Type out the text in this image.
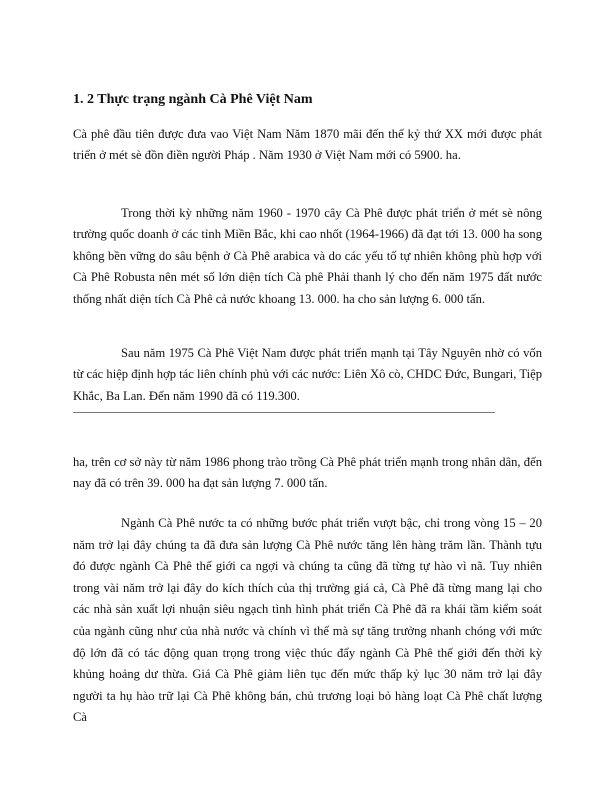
1. 2 Thực trạng ngành Cà Phê Việt Nam

Cà phê đầu tiên được đưa vao Việt Nam Năm 1870 mãi đến thế kỷ thứ XX mới được phát triển ở mét sè đồn điền người Pháp . Năm 1930 ở Việt Nam mới có 5900. ha.

Trong thời kỳ những năm 1960 - 1970 cây Cà Phê được phát triển ở mét sè nông trường quốc doanh ở các tỉnh Miền Bắc, khi cao nhốt (1964-1966) đã đạt tới 13. 000 ha song không bền vững do sâu bệnh ở Cà Phê arabica và do các yếu tố tự nhiên không phù hợp với Cà Phê Robusta nên mét số lớn diện tích Cà phê Phải thanh lý cho đến năm 1975 đất nước thống nhất diện tích Cà Phê cả nước khoang 13. 000. ha cho sản lượng 6. 000 tấn.

Sau năm 1975 Cà Phê Việt Nam được phát triển mạnh tại Tây Nguyên nhờ có vốn từ các hiệp định hợp tác liên chính phủ với các nước: Liên Xô cò, CHDC Đức, Bungari, Tiệp Khắc, Ba Lan. Đến năm 1990 đã có 119.300.

ha, trên cơ sở này từ năm 1986 phong trào trồng Cà Phê phát triển mạnh trong nhân dân, đến nay đã có trên 39. 000 ha đạt sản lượng 7. 000 tấn.

Ngành Cà Phê nước ta có những bước phát triển vượt bậc, chỉ trong vòng 15 – 20 năm trở lại đây chúng ta đã đưa sản lượng Cà Phê nước tăng lên hàng trăm lần. Thành tựu đó được ngành Cà Phê thế giới ca ngợi và chúng ta cũng đã từng tự hào vì nã. Tuy nhiên trong vài năm trở lại đây do kích thích của thị trường giá cả, Cà Phê đã từng mang lại cho các nhà sản xuất lợi nhuận siêu ngạch tình hình phát triển Cà Phê đã ra khái tầm kiểm soát của ngành cũng như của nhà nước và chính vì thế mà sự tăng trưởng nhanh chóng với mức độ lớn đã có tác động quan trọng trong việc thúc đẩy ngành Cà Phê thế giới đến thời kỳ khủng hoảng dư thừa. Giá Cà Phê giảm liên tục đến mức thấp kỷ lục 30 năm trở lại đây người ta hụ hào trữ lại Cà Phê không bán, chủ trương loại bỏ hàng loạt Cà Phê chất lượng Cà
